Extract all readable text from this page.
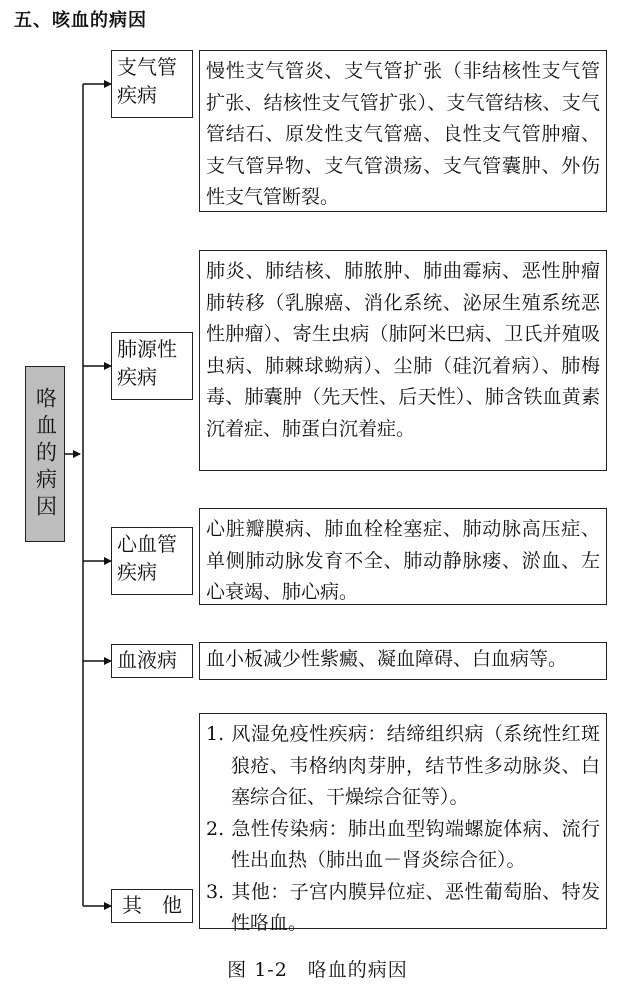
五、咳血的病因
咯血的病因
支气管
疾病
慢性支气管炎、支气管扩张（非结核性支气管扩张、结核性支气管扩张）、支气管结核、支气管结石、原发性支气管癌、良性支气管肿瘤、支气管异物、支气管溃疡、支气管囊肿、外伤性支气管断裂。
肺源性
疾病
肺炎、肺结核、肺脓肿、肺曲霉病、恶性肿瘤肺转移（乳腺癌、消化系统、泌尿生殖系统恶性肿瘤）、寄生虫病（肺阿米巴病、卫氏并殖吸虫病、肺棘球蚴病）、尘肺（硅沉着病）、肺梅毒、肺囊肿（先天性、后天性）、肺含铁血黄素沉着症、肺蛋白沉着症。
心血管
疾病
心脏瓣膜病、肺血栓栓塞症、肺动脉高压症、单侧肺动脉发育不全、肺动静脉瘘、淤血、左心衰竭、肺心病。
血液病	血小板减少性紫癜、凝血障碍、白血病等。
其　他
1. 风湿免疫性疾病：结缔组织病（系统性红斑狼疮、韦格纳肉芽肿，结节性多动脉炎、白塞综合征、干燥综合征等）。
2. 急性传染病：肺出血型钩端螺旋体病、流行性出血热（肺出血－肾炎综合征）。
3. 其他：子宫内膜异位症、恶性葡萄胎、特发性咯血。
图 1-2　咯血的病因
